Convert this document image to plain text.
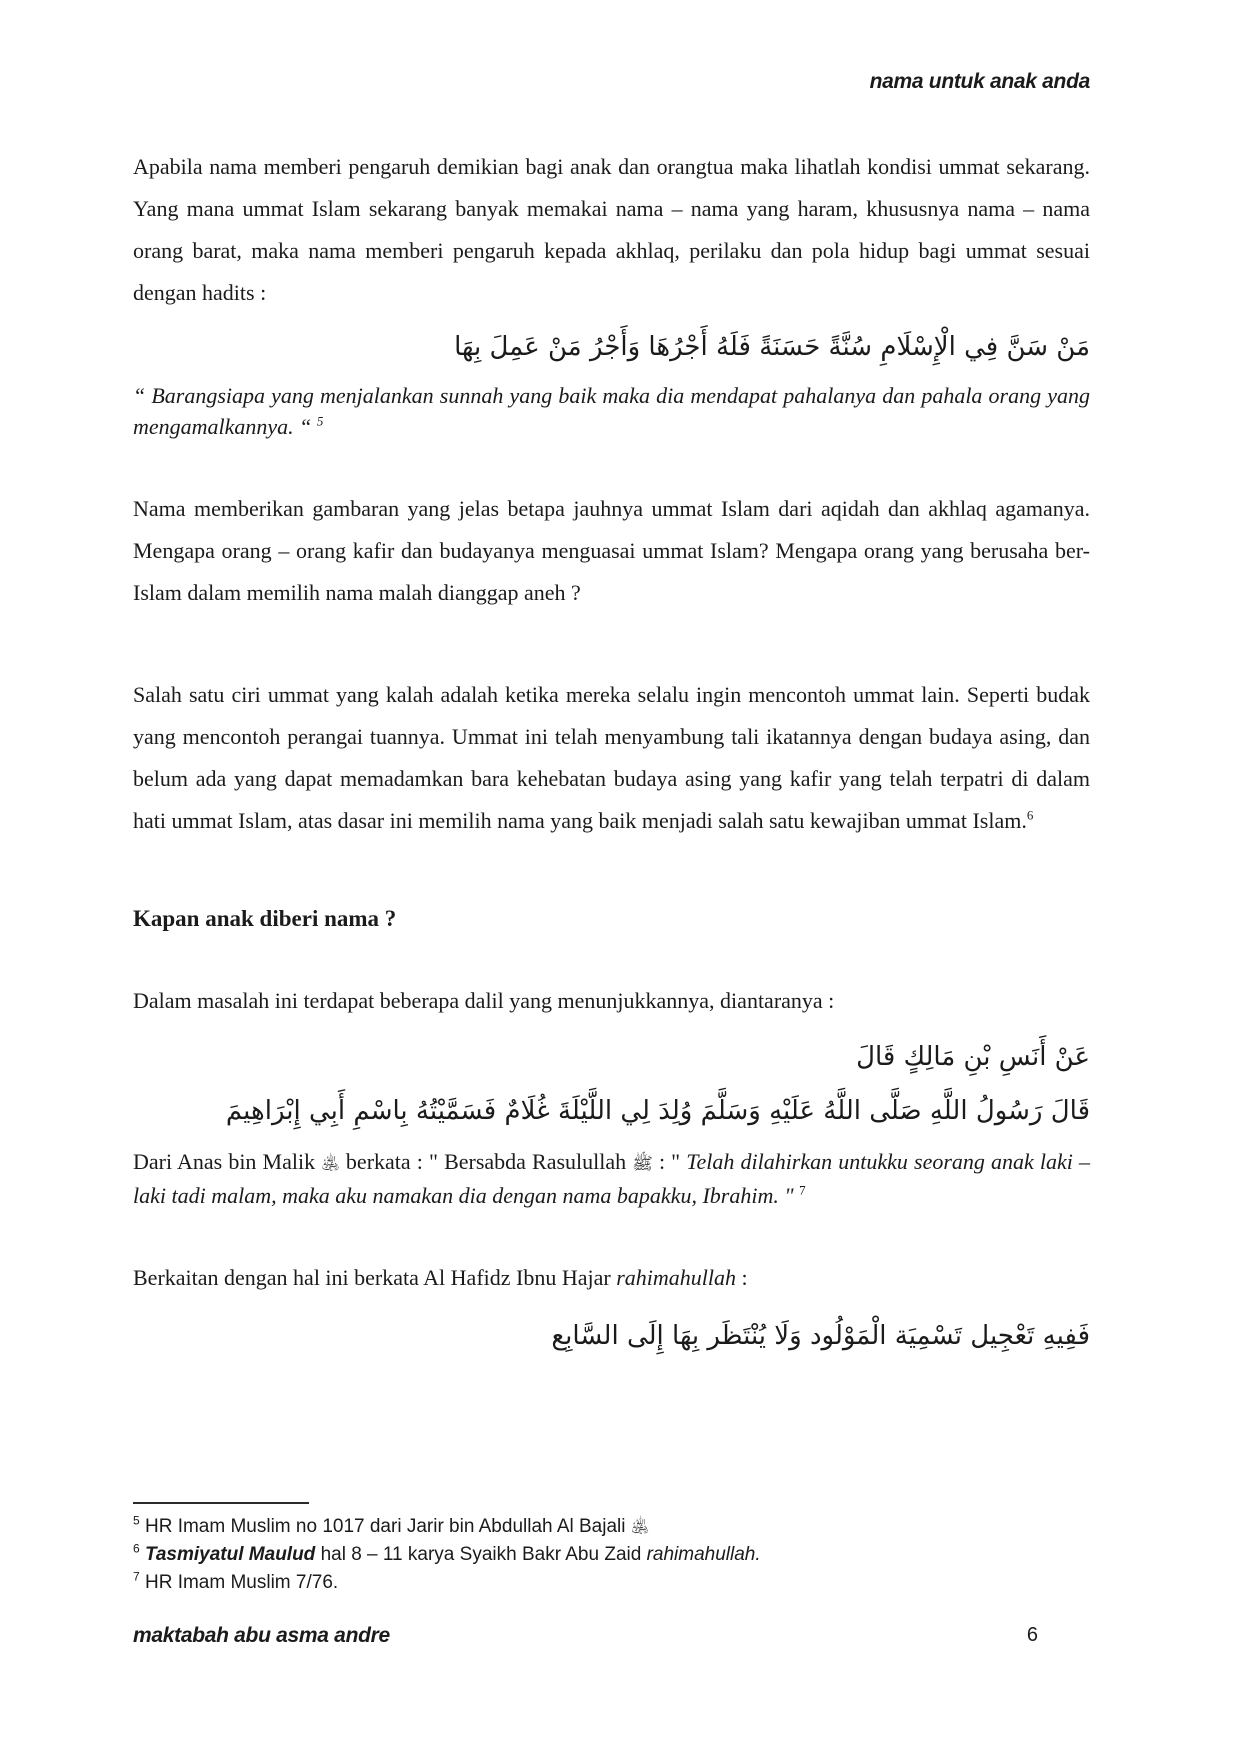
nama untuk anak anda

Apabila nama memberi pengaruh demikian bagi anak dan orangtua maka lihatlah kondisi ummat sekarang. Yang mana ummat Islam sekarang banyak memakai nama – nama yang haram, khususnya nama – nama orang barat, maka nama memberi pengaruh kepada akhlaq, perilaku dan pola hidup bagi ummat sesuai dengan hadits :

مَنْ سَنَّ فِي الْإِسْلَامِ سُنَّةً حَسَنَةً فَلَهُ أَجْرُهَا وَأَجْرُ مَنْ عَمِلَ بِهَا

“ Barangsiapa yang menjalankan sunnah yang baik maka dia mendapat pahalanya dan pahala orang yang mengamalkannya. “ $^5$

Nama memberikan gambaran yang jelas betapa jauhnya ummat Islam dari aqidah dan akhlaq agamanya. Mengapa orang – orang kafir dan budayanya menguasai ummat Islam? Mengapa orang yang berusaha ber-Islam dalam memilih nama malah dianggap aneh ?

Salah satu ciri ummat yang kalah adalah ketika mereka selalu ingin mencontoh ummat lain. Seperti budak yang mencontoh perangai tuannya. Ummat ini telah menyambung tali ikatannya dengan budaya asing, dan belum ada yang dapat memadamkan bara kehebatan budaya asing yang kafir yang telah terpatri di dalam hati ummat Islam, atas dasar ini memilih nama yang baik menjadi salah satu kewajiban ummat Islam.$^6$

Kapan anak diberi nama ?

Dalam masalah ini terdapat beberapa dalil yang menunjukkannya, diantaranya :

عَنْ أَنَسِ بْنِ مَالِكٍ قَالَ

قَالَ رَسُولُ اللَّهِ صَلَّى اللَّهُ عَلَيْهِ وَسَلَّمَ وُلِدَ لِي اللَّيْلَةَ غُلَامٌ فَسَمَّيْتُهُ بِاسْمِ أَبِي إِبْرَاهِيمَ

Dari Anas bin Malik ﵁ berkata : " Bersabda Rasulullah ﷺ : " Telah dilahirkan untukku seorang anak laki – laki tadi malam, maka aku namakan dia dengan nama bapakku, Ibrahim. " $^7$

Berkaitan dengan hal ini berkata Al Hafidz Ibnu Hajar rahimahullah :

فَفِيهِ تَعْجِيل تَسْمِيَة الْمَوْلُود وَلَا يُنْتَظَر بِهَا إِلَى السَّابِع

$^5$ HR Imam Muslim no 1017 dari Jarir bin Abdullah Al Bajali ﵁

$^6$ Tasmiyatul Maulud hal 8 – 11 karya Syaikh Bakr Abu Zaid rahimahullah.

$^7$ HR Imam Muslim 7/76.

maktabah abu asma andre	6
